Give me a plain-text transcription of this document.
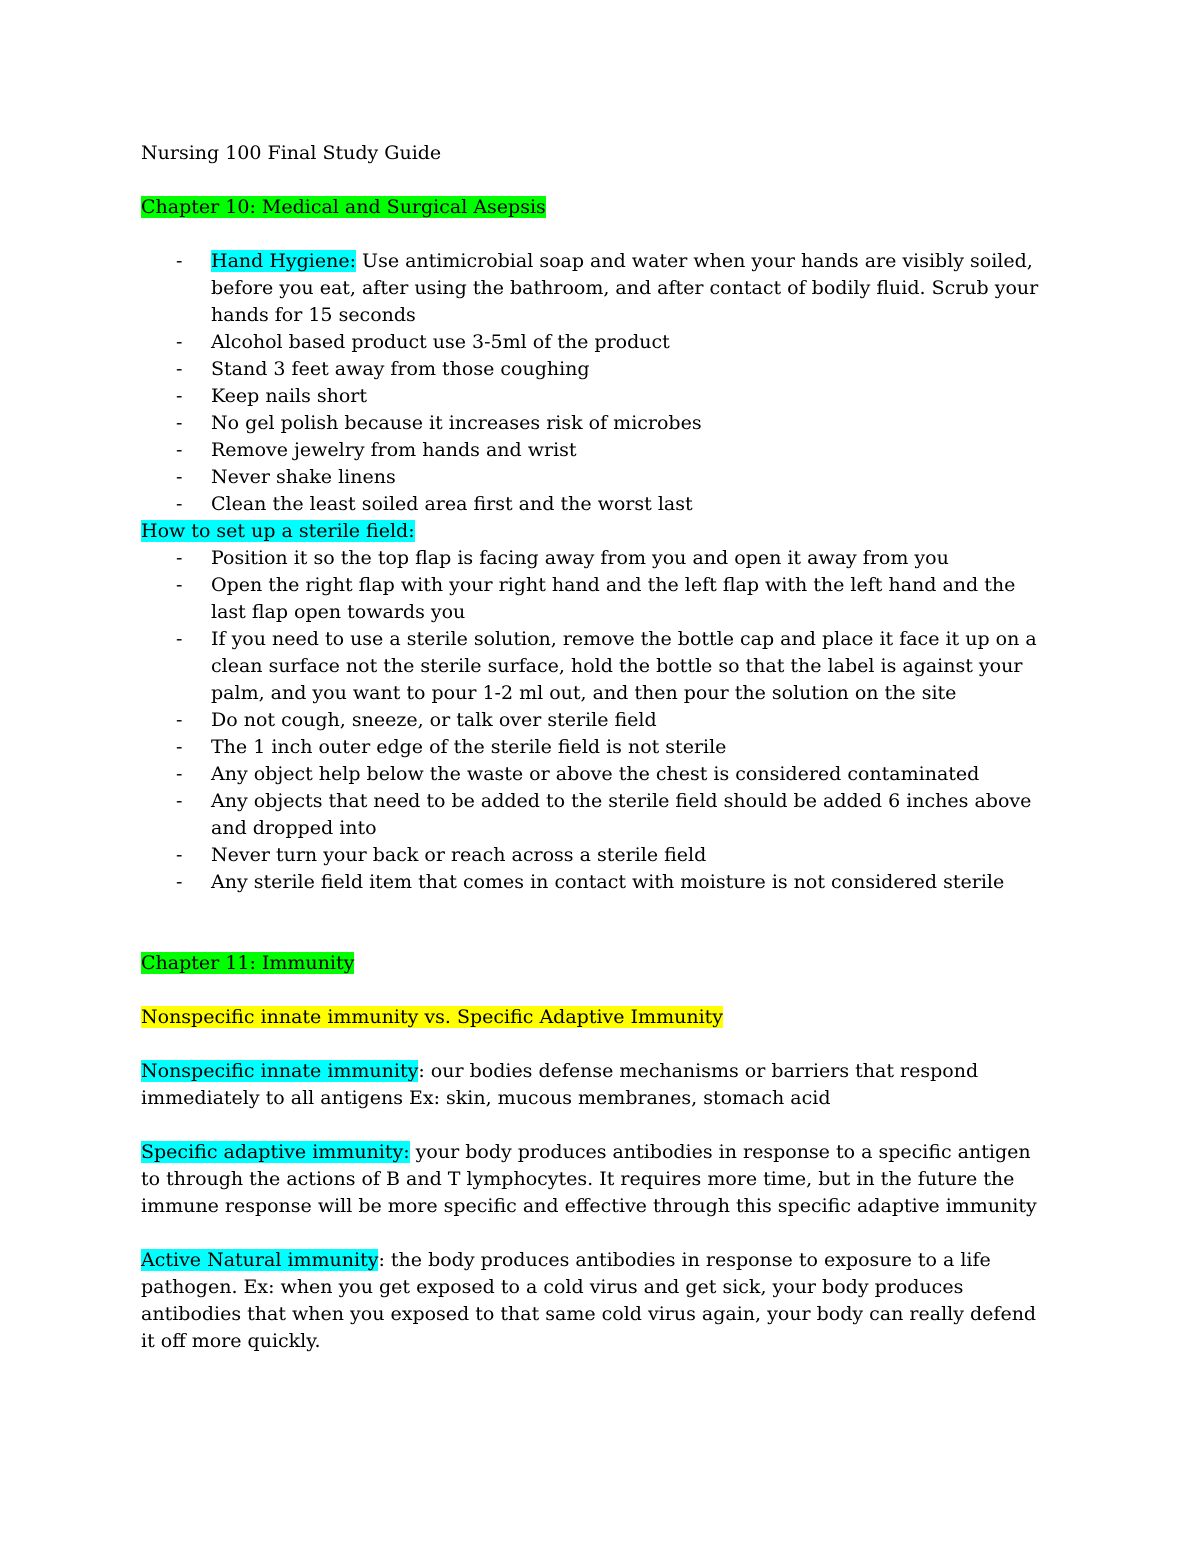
Nursing 100 Final Study Guide

Chapter 10: Medical and Surgical Asepsis

- Hand Hygiene: Use antimicrobial soap and water when your hands are visibly soiled, before you eat, after using the bathroom, and after contact of bodily fluid. Scrub your hands for 15 seconds
- Alcohol based product use 3-5ml of the product
- Stand 3 feet away from those coughing
- Keep nails short
- No gel polish because it increases risk of microbes
- Remove jewelry from hands and wrist
- Never shake linens
- Clean the least soiled area first and the worst last

How to set up a sterile field:

- Position it so the top flap is facing away from you and open it away from you
- Open the right flap with your right hand and the left flap with the left hand and the last flap open towards you
- If you need to use a sterile solution, remove the bottle cap and place it face it up on a clean surface not the sterile surface, hold the bottle so that the label is against your palm, and you want to pour 1-2 ml out, and then pour the solution on the site
- Do not cough, sneeze, or talk over sterile field
- The 1 inch outer edge of the sterile field is not sterile
- Any object help below the waste or above the chest is considered contaminated
- Any objects that need to be added to the sterile field should be added 6 inches above and dropped into
- Never turn your back or reach across a sterile field
- Any sterile field item that comes in contact with moisture is not considered sterile

Chapter 11: Immunity

Nonspecific innate immunity vs. Specific Adaptive Immunity

Nonspecific innate immunity: our bodies defense mechanisms or barriers that respond immediately to all antigens Ex: skin, mucous membranes, stomach acid

Specific adaptive immunity: your body produces antibodies in response to a specific antigen to through the actions of B and T lymphocytes. It requires more time, but in the future the immune response will be more specific and effective through this specific adaptive immunity

Active Natural immunity: the body produces antibodies in response to exposure to a life pathogen. Ex: when you get exposed to a cold virus and get sick, your body produces antibodies that when you exposed to that same cold virus again, your body can really defend it off more quickly.
